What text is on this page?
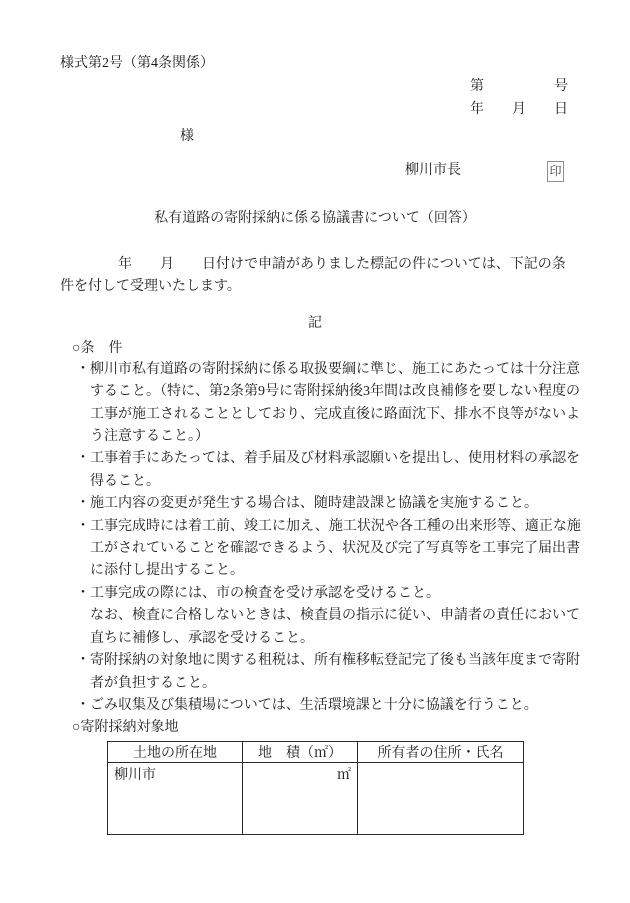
様式第2号（第4条関係）
第　　　　　号
年　　月　　日
様
柳川市長	印
私有道路の寄附採納に係る協議書について（回答）

年　　月　　日付けで申請がありました標記の件については、下記の条件を付して受理いたします。

記
○条　件
・柳川市私有道路の寄附採納に係る取扱要綱に準じ、施工にあたっては十分注意すること。（特に、第2条第9号に寄附採納後3年間は改良補修を要しない程度の工事が施工されることとしており、完成直後に路面沈下、排水不良等がないよう注意すること。）
・工事着手にあたっては、着手届及び材料承認願いを提出し、使用材料の承認を得ること。
・施工内容の変更が発生する場合は、随時建設課と協議を実施すること。
・工事完成時には着工前、竣工に加え、施工状況や各工種の出来形等、適正な施工がされていることを確認できるよう、状況及び完了写真等を工事完了届出書に添付し提出すること。
・工事完成の際には、市の検査を受け承認を受けること。
なお、検査に合格しないときは、検査員の指示に従い、申請者の責任において直ちに補修し、承認を受けること。
・寄附採納の対象地に関する租税は、所有権移転登記完了後も当該年度まで寄附者が負担すること。
・ごみ収集及び集積場については、生活環境課と十分に協議を行うこと。
○寄附採納対象地
土地の所在地	地　積（㎡）	所有者の住所・氏名
柳川市	㎡	
